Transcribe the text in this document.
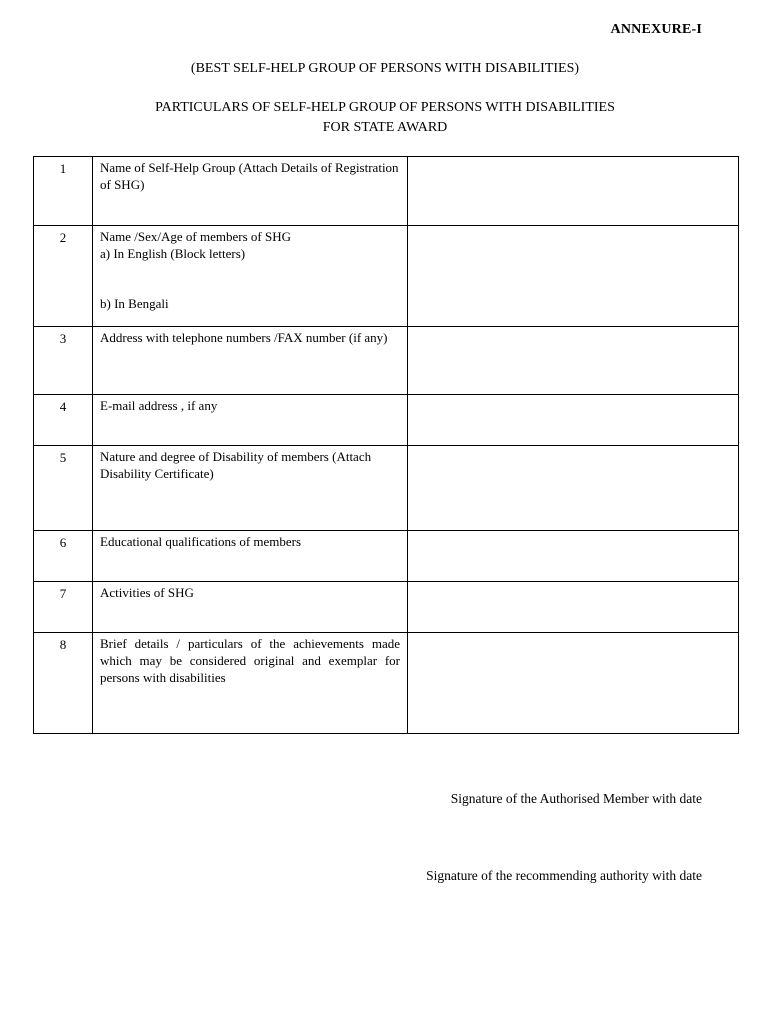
ANNEXURE-I
(BEST SELF-HELP GROUP OF PERSONS WITH DISABILITIES)
PARTICULARS OF SELF-HELP GROUP OF PERSONS WITH DISABILITIES
FOR STATE AWARD
1	Name of Self-Help Group (Attach Details of Registration of SHG)	
2	Name /Sex/Age of members of SHG
a) In English (Block letters)
b) In Bengali	

3	Address with telephone numbers /FAX number (if any)	
4	E-mail address , if any	
5	Nature and degree of Disability of members (Attach Disability Certificate)	
6	Educational qualifications of members	
7	Activities of SHG	
8	Brief details / particulars of the achievements made which may be considered original and exemplar for persons with disabilities	
Signature of the Authorised Member with date
Signature of the recommending authority with date
